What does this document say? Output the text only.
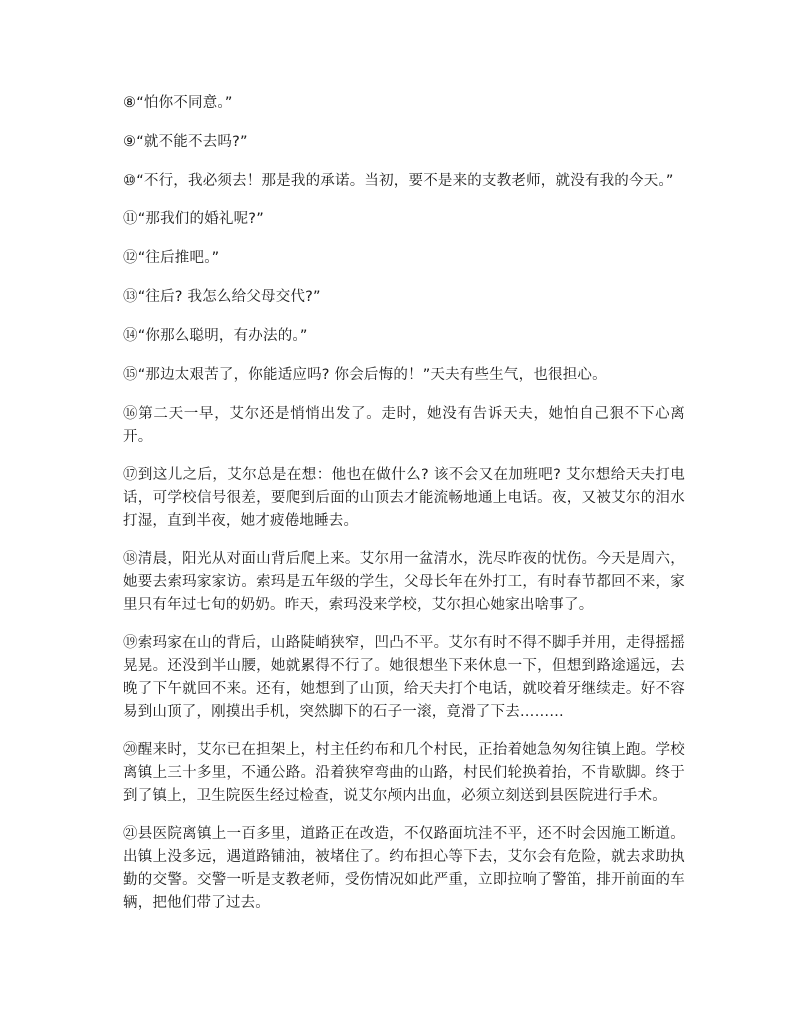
⑧“怕你不同意。”

⑨“就不能不去吗?”

⑩“不行，我必须去！那是我的承诺。当初，要不是来的支教老师，就没有我的今天。”

⑪“那我们的婚礼呢?”

⑫“往后推吧。”

⑬“往后? 我怎么给父母交代?”

⑭“你那么聪明，有办法的。”

⑮“那边太艰苦了，你能适应吗? 你会后悔的！”天夫有些生气，也很担心。

⑯第二天一早，艾尔还是悄悄出发了。走时，她没有告诉天夫，她怕自己狠不下心离开。

⑰到这儿之后，艾尔总是在想：他也在做什么? 该不会又在加班吧? 艾尔想给天夫打电话，可学校信号很差，要爬到后面的山顶去才能流畅地通上电话。夜，又被艾尔的泪水打湿，直到半夜，她才疲倦地睡去。

⑱清晨，阳光从对面山背后爬上来。艾尔用一盆清水，洗尽昨夜的忧伤。今天是周六，她要去索玛家家访。索玛是五年级的学生，父母长年在外打工，有时春节都回不来，家里只有年过七旬的奶奶。昨天，索玛没来学校，艾尔担心她家出啥事了。

⑲索玛家在山的背后，山路陡峭狭窄，凹凸不平。艾尔有时不得不脚手并用，走得摇摇晃晃。还没到半山腰，她就累得不行了。她很想坐下来休息一下，但想到路途遥远，去晚了下午就回不来。还有，她想到了山顶，给天夫打个电话，就咬着牙继续走。好不容易到山顶了，刚摸出手机，突然脚下的石子一滚，竟滑了下去………

⑳醒来时，艾尔已在担架上，村主任约布和几个村民，正抬着她急匆匆往镇上跑。学校离镇上三十多里，不通公路。沿着狭窄弯曲的山路，村民们轮换着抬，不肯歇脚。终于到了镇上，卫生院医生经过检查，说艾尔颅内出血，必须立刻送到县医院进行手术。

㉑县医院离镇上一百多里，道路正在改造，不仅路面坑洼不平，还不时会因施工断道。出镇上没多远，遇道路铺油，被堵住了。约布担心等下去，艾尔会有危险，就去求助执勤的交警。交警一听是支教老师，受伤情况如此严重，立即拉响了警笛，排开前面的车辆，把他们带了过去。
